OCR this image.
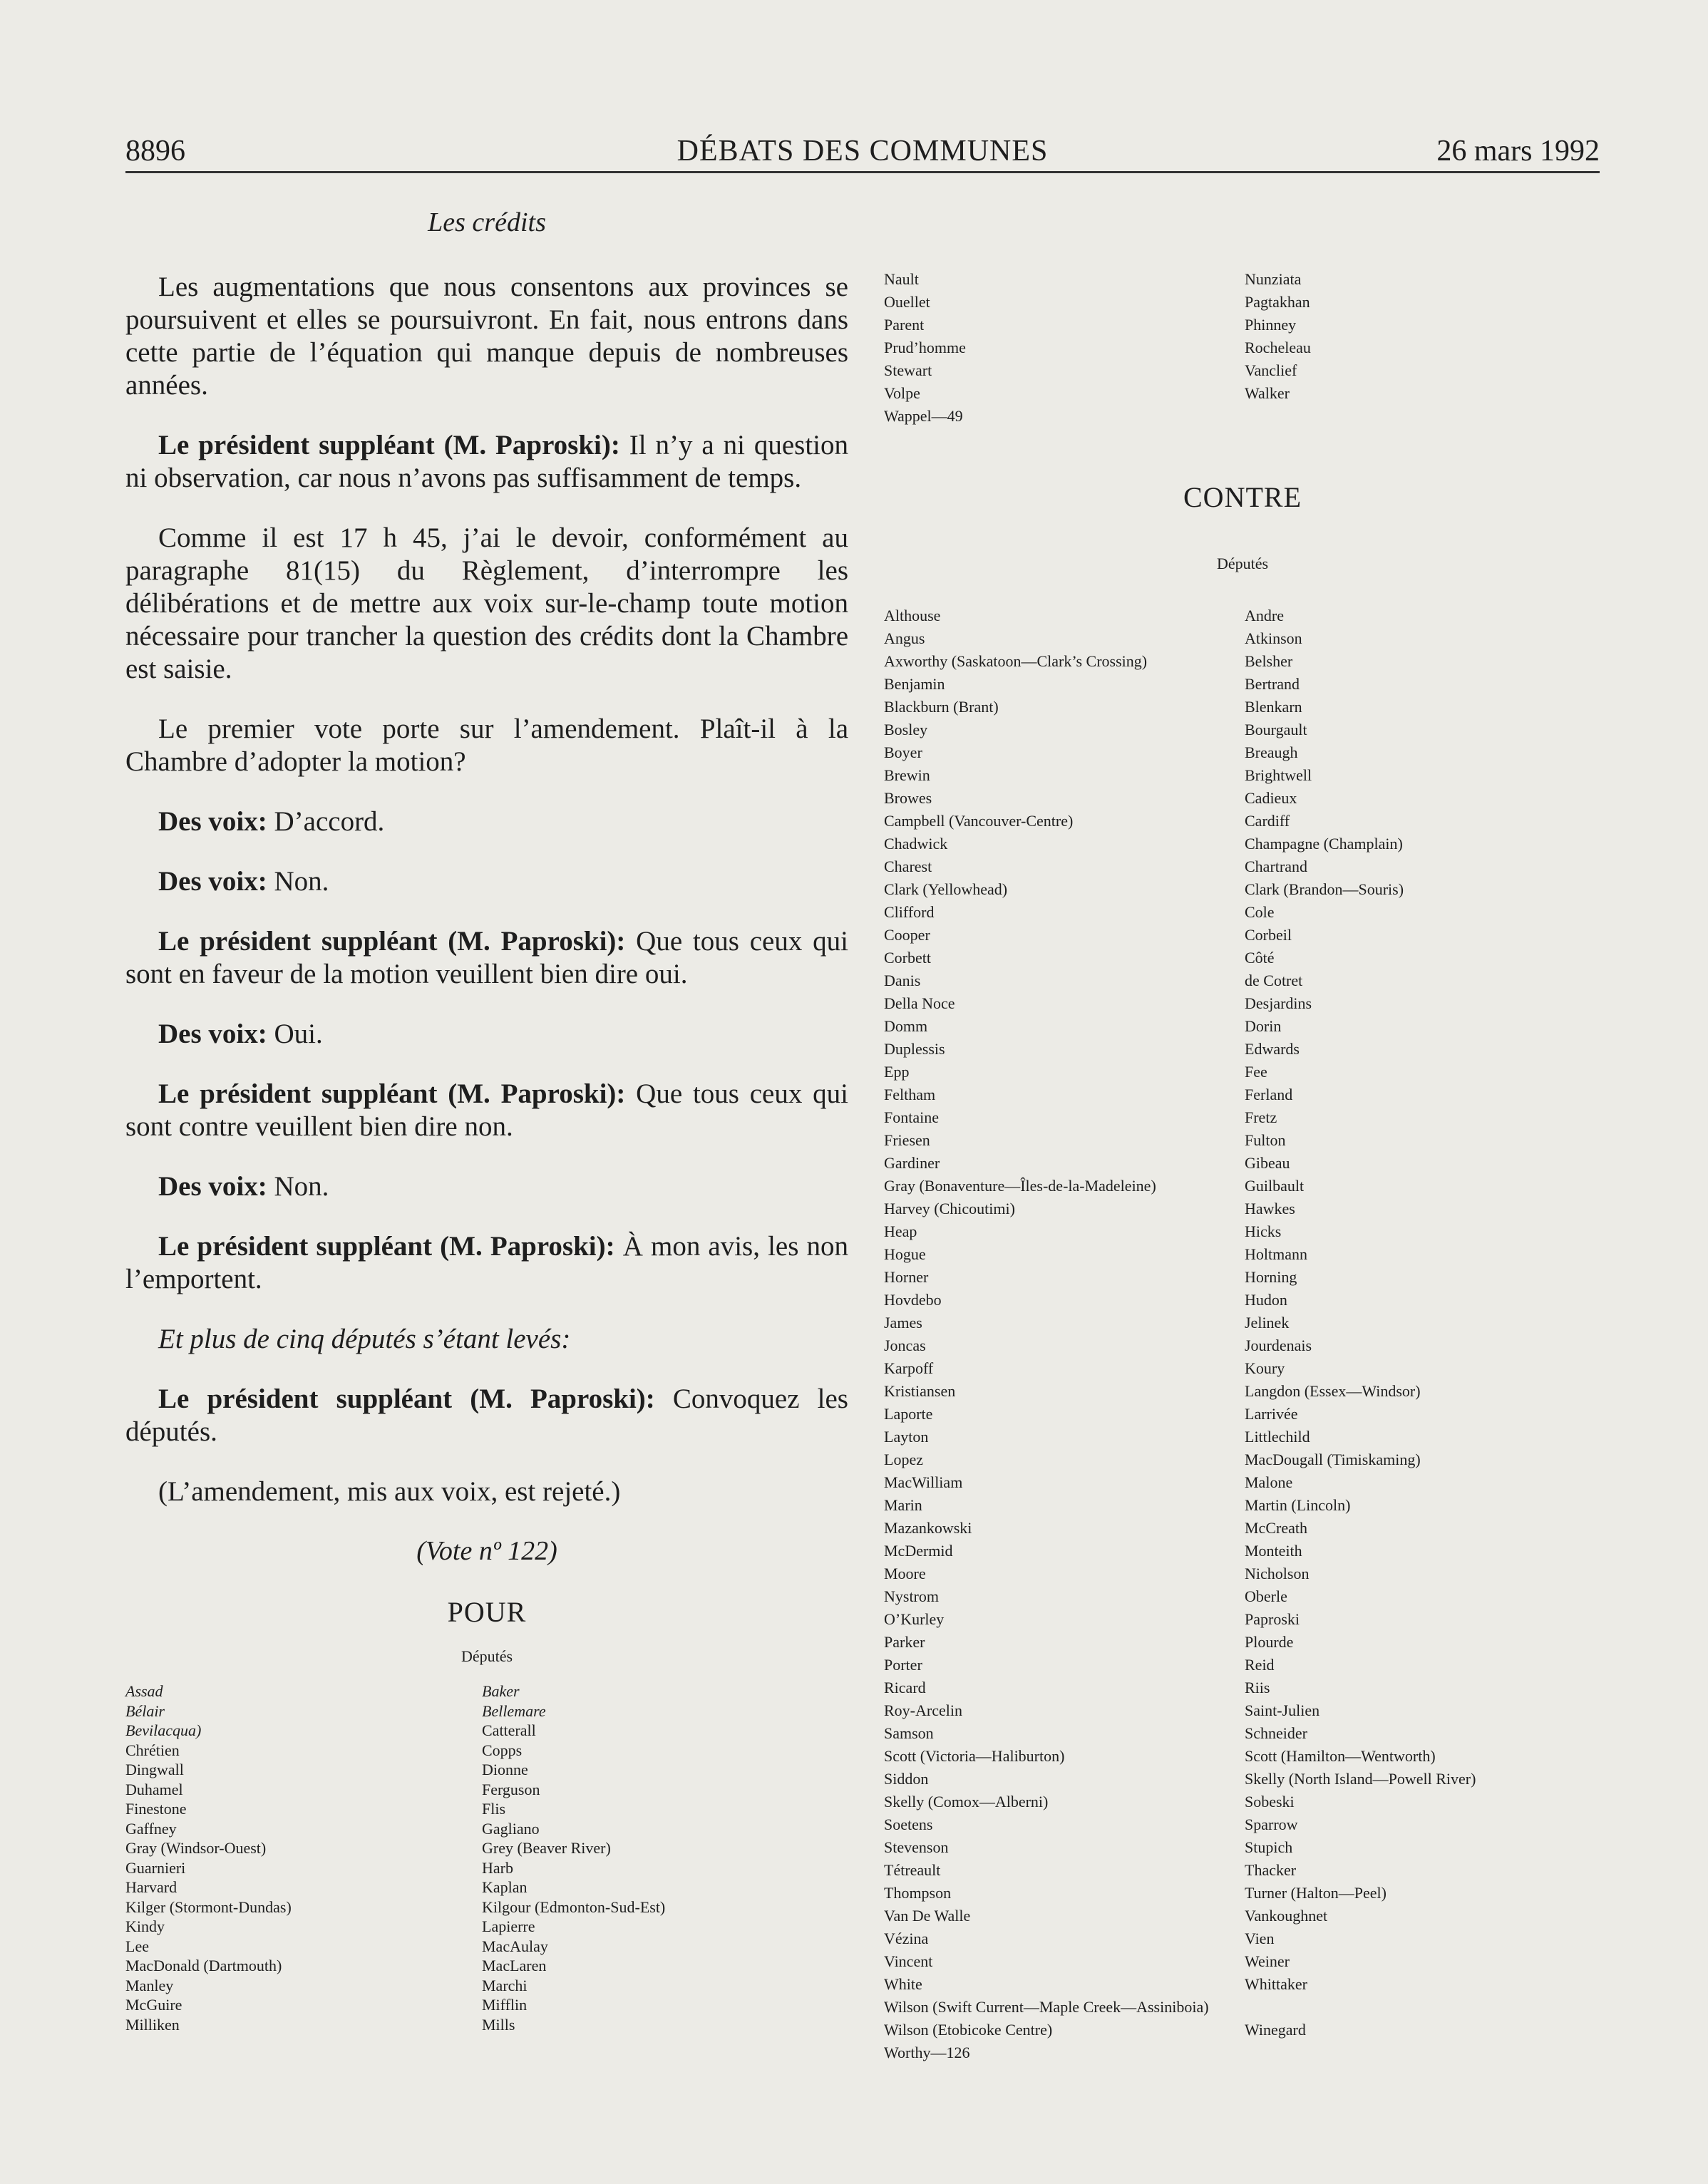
8896	DÉBATS DES COMMUNES	26 mars 1992
Les crédits
Les augmentations que nous consentons aux provinces se poursuivent et elles se poursuivront. En fait, nous entrons dans cette partie de l’équation qui manque depuis de nombreuses années.
Le président suppléant (M. Paproski): Il n’y a ni question ni observation, car nous n’avons pas suffisamment de temps.
Comme il est 17 h 45, j’ai le devoir, conformément au paragraphe 81(15) du Règlement, d’interrompre les délibérations et de mettre aux voix sur-le-champ toute motion nécessaire pour trancher la question des crédits dont la Chambre est saisie.
Le premier vote porte sur l’amendement. Plaît-il à la Chambre d’adopter la motion?
Des voix: D’accord.
Des voix: Non.
Le président suppléant (M. Paproski): Que tous ceux qui sont en faveur de la motion veuillent bien dire oui.
Des voix: Oui.
Le président suppléant (M. Paproski): Que tous ceux qui sont contre veuillent bien dire non.
Des voix: Non.
Le président suppléant (M. Paproski): À mon avis, les non l’emportent.
Et plus de cinq députés s’étant levés:
Le président suppléant (M. Paproski): Convoquez les députés.
(L’amendement, mis aux voix, est rejeté.)
(Vote nº 122)
POUR
Députés
Assad
Bélair
Bevilacqua)
Chrétien
Dingwall
Duhamel
Finestone
Gaffney
Gray (Windsor-Ouest)
Guarnieri
Harvard
Kilger (Stormont-Dundas)
Kindy
Lee
MacDonald (Dartmouth)
Manley
McGuire
Milliken
Baker
Bellemare
Catterall
Copps
Dionne
Ferguson
Flis
Gagliano
Grey (Beaver River)
Harb
Kaplan
Kilgour (Edmonton-Sud-Est)
Lapierre
MacAulay
MacLaren
Marchi
Mifflin
Mills
Nault
Ouellet
Parent
Prud’homme
Stewart
Volpe
Wappel—49
Nunziata
Pagtakhan
Phinney
Rocheleau
Vanclief
Walker
CONTRE
Députés
Althouse
Angus
Axworthy (Saskatoon—Clark’s Crossing)
Benjamin
Blackburn (Brant)
Bosley
Boyer
Brewin
Browes
Campbell (Vancouver-Centre)
Chadwick
Charest
Clark (Yellowhead)
Clifford
Cooper
Corbett
Danis
Della Noce
Domm
Duplessis
Epp
Feltham
Fontaine
Friesen
Gardiner
Gray (Bonaventure—Îles-de-la-Madeleine)
Harvey (Chicoutimi)
Heap
Hogue
Horner
Hovdebo
James
Joncas
Karpoff
Kristiansen
Laporte
Layton
Lopez
MacWilliam
Marin
Mazankowski
McDermid
Moore
Nystrom
O’Kurley
Parker
Porter
Ricard
Roy-Arcelin
Samson
Scott (Victoria—Haliburton)
Siddon
Skelly (Comox—Alberni)
Soetens
Stevenson
Tétreault
Thompson
Van De Walle
Vézina
Vincent
White
Wilson (Swift Current—Maple Creek—Assiniboia)
Wilson (Etobicoke Centre)
Worthy—126
Andre
Atkinson
Belsher
Bertrand
Blenkarn
Bourgault
Breaugh
Brightwell
Cadieux
Cardiff
Champagne (Champlain)
Chartrand
Clark (Brandon—Souris)
Cole
Corbeil
Côté
de Cotret
Desjardins
Dorin
Edwards
Fee
Ferland
Fretz
Fulton
Gibeau
Guilbault
Hawkes
Hicks
Holtmann
Horning
Hudon
Jelinek
Jourdenais
Koury
Langdon (Essex—Windsor)
Larrivée
Littlechild
MacDougall (Timiskaming)
Malone
Martin (Lincoln)
McCreath
Monteith
Nicholson
Oberle
Paproski
Plourde
Reid
Riis
Saint-Julien
Schneider
Scott (Hamilton—Wentworth)
Skelly (North Island—Powell River)
Sobeski
Sparrow
Stupich
Thacker
Turner (Halton—Peel)
Vankoughnet
Vien
Weiner
Whittaker

Winegard
